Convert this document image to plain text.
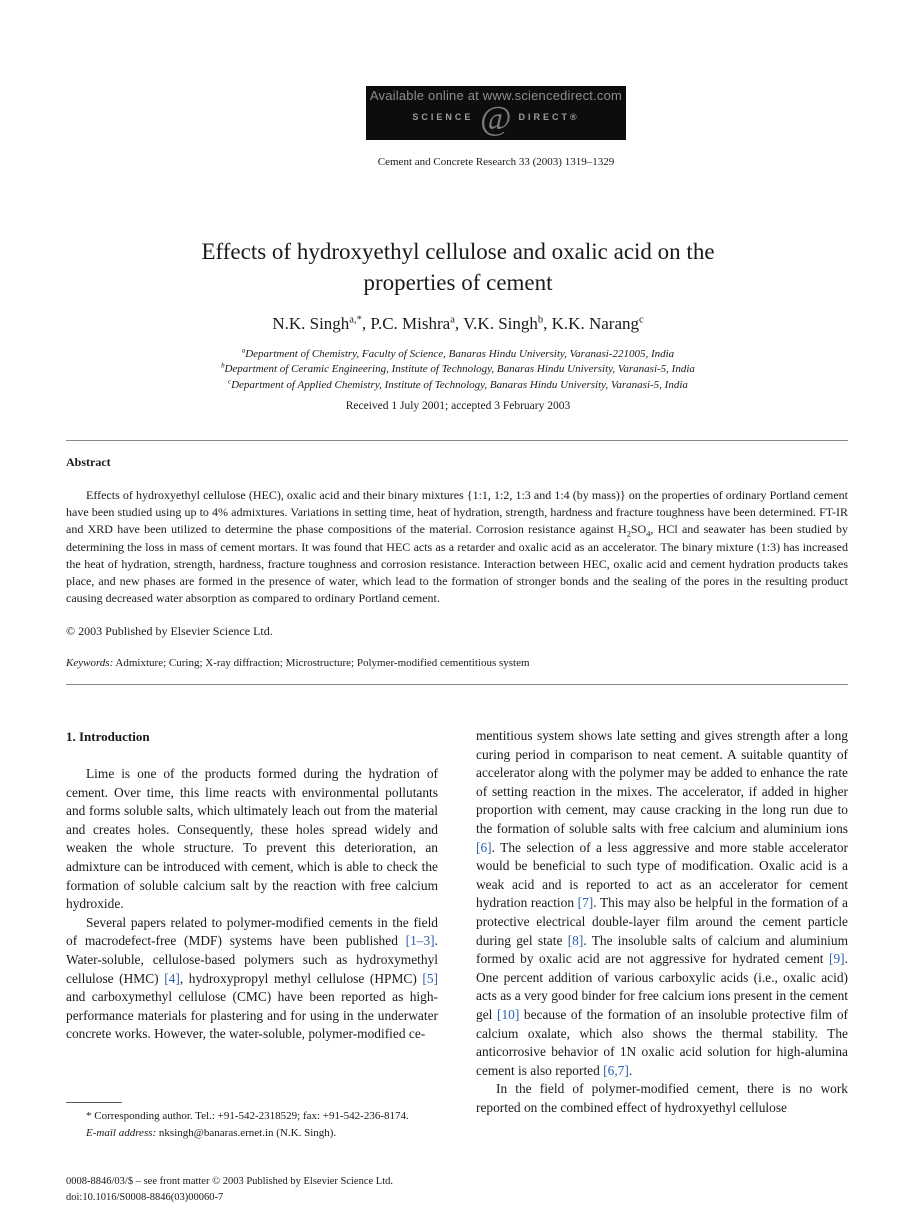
Available online at www.sciencedirect.com
SCIENCE	DIRECT®
@
Cement and Concrete Research 33 (2003) 1319–1329
Effects of hydroxyethyl cellulose and oxalic acid on the
properties of cement
N.K. Singh$^{a,*}$, P.C. Mishra$^a$, V.K. Singh$^b$, K.K. Narang$^c$
$^a$Department of Chemistry, Faculty of Science, Banaras Hindu University, Varanasi-221005, India
$^b$Department of Ceramic Engineering, Institute of Technology, Banaras Hindu University, Varanasi-5, India
$^c$Department of Applied Chemistry, Institute of Technology, Banaras Hindu University, Varanasi-5, India
Received 1 July 2001; accepted 3 February 2003
Abstract
Effects of hydroxyethyl cellulose (HEC), oxalic acid and their binary mixtures {1:1, 1:2, 1:3 and 1:4 (by mass)} on the properties of ordinary Portland cement have been studied using up to 4% admixtures. Variations in setting time, heat of hydration, strength, hardness and fracture toughness have been determined. FT-IR and XRD have been utilized to determine the phase compositions of the material. Corrosion resistance against $H_2SO_4$, HCl and seawater has been studied by determining the loss in mass of cement mortars. It was found that HEC acts as a retarder and oxalic acid as an accelerator. The binary mixture (1:3) has increased the heat of hydration, strength, hardness, fracture toughness and corrosion resistance. Interaction between HEC, oxalic acid and cement hydration products takes place, and new phases are formed in the presence of water, which lead to the formation of stronger bonds and the sealing of the pores in the resulting product causing decreased water absorption as compared to ordinary Portland cement.
© 2003 Published by Elsevier Science Ltd.
Keywords: Admixture; Curing; X-ray diffraction; Microstructure; Polymer-modified cementitious system
1. Introduction

Lime is one of the products formed during the hydration of cement. Over time, this lime reacts with environmental pollutants and forms soluble salts, which ultimately leach out from the material and creates holes. Consequently, these holes spread widely and weaken the whole structure. To prevent this deterioration, an admixture can be introduced with cement, which is able to check the formation of soluble calcium salt by the reaction with free calcium hydroxide.

Several papers related to polymer-modified cements in the field of macrodefect-free (MDF) systems have been published [1–3]. Water-soluble, cellulose-based polymers such as hydroxymethyl cellulose (HMC) [4], hydroxypropyl methyl cellulose (HPMC) [5] and carboxymethyl cellulose (CMC) have been reported as high-performance materials for plastering and for using in the underwater concrete works. However, the water-soluble, polymer-modified ce-

mentitious system shows late setting and gives strength after a long curing period in comparison to neat cement. A suitable quantity of accelerator along with the polymer may be added to enhance the rate of setting reaction in the mixes. The accelerator, if added in higher proportion with cement, may cause cracking in the long run due to the formation of soluble salts with free calcium and aluminium ions [6]. The selection of a less aggressive and more stable accelerator would be beneficial to such type of modification. Oxalic acid is a weak acid and is reported to act as an accelerator for cement hydration reaction [7]. This may also be helpful in the formation of a protective electrical double-layer film around the cement particle during gel state [8]. The insoluble salts of calcium and aluminium formed by oxalic acid are not aggressive for hydrated cement [9]. One percent addition of various carboxylic acids (i.e., oxalic acid) acts as a very good binder for free calcium ions present in the cement gel [10] because of the formation of an insoluble protective film of calcium oxalate, which also shows the thermal stability. The anticorrosive behavior of 1N oxalic acid solution for high-alumina cement is also reported [6,7].

In the field of polymer-modified cement, there is no work reported on the combined effect of hydroxyethyl cellulose

* Corresponding author. Tel.: +91-542-2318529; fax: +91-542-236-8174.

E-mail address: nksingh@banaras.ernet.in (N.K. Singh).

0008-8846/03/$ – see front matter © 2003 Published by Elsevier Science Ltd.
doi:10.1016/S0008-8846(03)00060-7
